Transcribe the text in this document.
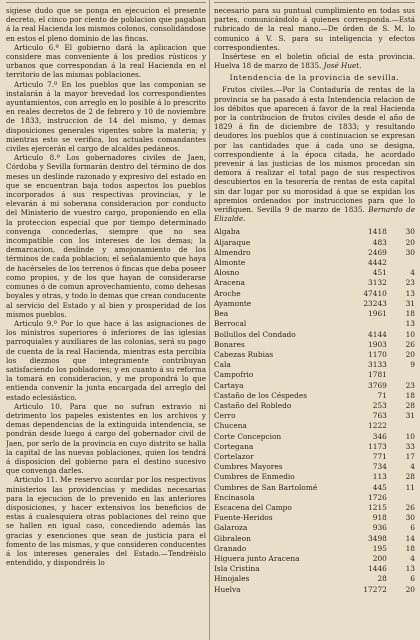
sigiese dudo que se ponga en ejecucion el presente decreto, el cinco por ciento de poblacion que pagaban á la real Hacienda los mismos colonos, consolidándose en estos el pleno dominio de las fincas.

Articulo 6.º El gobierno dará la aplicacion que considere mas conveniente á los predios rústicos y urbanos que correspondan á la real Hacienda en el territorio de las mismas poblaciones.

Articulo 7.º En los pueblos que las componian se instalarán á la mayor brevedad los correspondientes ayuntamientos, con arreglo en lo posible á lo prescrito en reales decretos de 2 de febrero y 10 de noviembre de 1833, instruccion de 14 del mismo, y demas disposiciones generales vigentes sobre la materia; y mientras esto se verifica, los actuales comandantes civiles ejercerán el cargo de alcaldes pedáneos.

Articulo 8.º Los gobernadores civiles de Jaen, Córdoba y Sevilla formarán dentro del término de dos meses un deslinde razonado y expresivo del estado en que se encuentran baja todos aspectos los pueblos incorporados á sus respectivas provincias, y le elevarán á mi soberana consideracion por conducto del Ministerio de vuestro cargo, proponiendo en ella la proteccion especial que por tiempo determinado convenga concederlas, siempre que no sea incompatible con los intereses de los demas; la demarcacion, deslinde y amojonamiento de los términos de cada poblacion; el señalamiento que haya de hacérseles de los terrenos ó fincas que deba poseer como propios, y de los que hayan de considerarse comunes ó de comun aprovechamiento, como dehesas boyales y otras, y todo lo demas que crean conducente al servicio del Estado y al bien y prosperidad de los mismos pueblos.

Articulo 9.º Por lo que hace á las asignaciones de los ministros superiores ó inferiores de las iglesias parroquiales y auxiliares de las colonias, será su pago de cuenta de la real Hacienda, mientras esta percibia los diezmos que integramente contribuyan satisfaciendo los pobladores; y en cuanto á su reforma la tomará en consideracion, y me propondrá lo que entienda convenir la junta encargada del arreglo del estado eclesiástico.

Articulo 10. Para que no sufran extravio ni detrimento los papeles existentes en los archivos y demas dependencias de la extinguida intendencia, se pondrán desde luego á cargo del gobernador civil de Jaen, por serlo de la provincia en cuyo distrito se halla la capital de las nuevas poblaciones, quien los tendrá á disposicion del gobierno para el destino sucesivo que convenga darles.

Articulo 11. Me reservo acordar por los respectivos ministerios las providencias y medidas necesarias para la ejecucion de lo prevenido en las anteriores disposiciones, y hacer extensivos los beneficios de estas á cualesquiera otras poblaciones del reino que se hallen en igual caso, concediendo además las gracias y exenciones que sean de justicia para el fomento de las mismas, y que consideren conducentes á los intereses generales del Estado.—Tendréislo entendido, y dispondréis lo

necesario para su puntual cumplimiento en todas sus partes, comunicándolo á quienes corresponda.—Está rubricado de la real mano.—De órden de S. M. lo comunico á V. S. para su inteligencia y efectos correspondientes.

Insértese en el boletin oficial de esta provincia. Huelva 18 de marzo de 1835. José Huet.

Intendencia de la provincia de sevilla.

Frutos civiles.—Por la Contaduría de rentas de la provincia se ha pasado á esta Intendencia relacion de los débitos que aparecen á favor de la real Hacienda por la contribucion de frutos civiles desde el año de 1829 á fin de diciembre de 1833; y resultando deudores los pueblos que á continuacion se expresan por las cantidades que á cada uno se designa, correspondiente á la época citada, he acordado prevenir á las justicias de los mismos procedan sin demora á realizar el total pago de sus respectivos descubiertos en la tesorería de rentas de esta capital sin dar lugar por su morosidad á que se expidan los apremios ordenados por instrucciones para que lo verifiquen. Sevilla 9 de marzo de 1835. Bernardo de Elizalde.

Algaba	1418	30
Aljaraque	483	20
Almendro	2469	30
Almonte	4442	
Alosno	451	4
Aracena	3132	23
Aroche	47410	13
Ayamonte	23243	31
Bea	1961	18
Berrocal		13
Bollullos del Condado	4144	10
Bonares	1903	26
Cabezas Rubias	1170	20
Cala	3133	9
Campofrio	1781	
Cartaya	3769	23
Castaño de los Céspedes	71	18
Castaño del Robledo	253	28
Cerro	763	31
Chucena	1222	
Corte Concepcion	346	10
Cortegana	1173	33
Cortelazor	771	17
Cumbres Mayores	734	4
Cumbres de Enmedio	113	28
Cumbres de San Bartolomé	445	11
Encinasola	1726	
Escacena del Campo	1215	26
Fuente-Heridos	918	30
Galaroza	936	6
Gibraleon	3498	14
Granado	195	18
Higuera junto Aracena	200	4
Isla Cristina	1446	13
Hinojales	28	6
Huelva	17272	20
